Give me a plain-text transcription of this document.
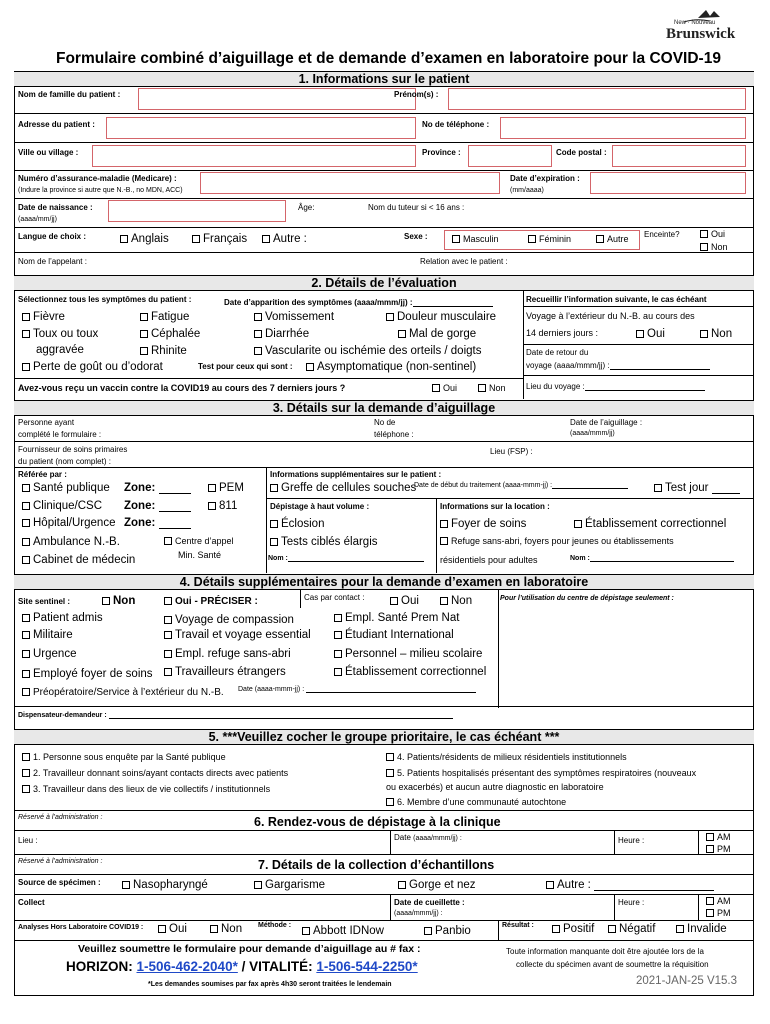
New · Nouveau
Brunswick
Formulaire combiné d’aiguillage et de demande d’examen en laboratoire pour la COVID-19
1. Informations sur le patient
Nom de famille du patient :	Prénom(s) :
Adresse du patient :	No de téléphone :
Ville ou village :	Province :	Code postal :
Numéro d’assurance-maladie (Medicare) :
(Indure la province si autre que N.-B., no MDN, ACC)
Date d’expiration :
(mm/aaaa)
Date de naissance :
(aaaa/mm/jj)
Âge:	Nom du tuteur si < 16 ans :
Langue de choix :	Anglais	Français	Autre :	Sexe :	Masculin	Féminin	Autre Enceinte?	Oui
Non
Nom de l’appelant :	Relation avec le patient :
2. Détails de l’évaluation
Sélectionnez tous les symptômes du patient :	Date d’apparition des symptômes (aaaa/mmm/jj) :	Recueillir l’information suivante, le cas échéant
Fièvre	Fatigue	Vomissement	Douleur musculaire
Toux ou toux
aggravée
Céphalée	Diarrhée	Mal de gorge
Rhinite	Vascularite ou ischémie des orteils / doigts
Perte de goût ou d’odorat	Test pour ceux qui sont :	Asymptomatique (non-sentinel)
Voyage à l’extérieur du N.-B. au cours des
14 derniers jours :	Oui	Non
Date de retour du
voyage (aaaa/mmm/jj) :
Avez-vous reçu un vaccin contre la COVID19 au cours des 7 derniers jours ?	Oui	Non	Lieu du voyage :
3. Détails sur la demande d’aiguillage
Personne ayant
complété le formulaire :
No de
téléphone :
Date de l’aiguillage :
(aaaa/mmm/jj)
Fournisseur de soins primaires
du patient (nom complet) :
Lieu (FSP) :
Référée par :
Santé publique Zone:	PEM
Clinique/CSC Zone:	811
Hôpital/Urgence Zone:
Ambulance N.-B.	Centre d’appel
Min. Santé
Cabinet de médecin
Informations supplémentaires sur le patient :
Greffe de cellules souches
Date de début du traitement (aaaa-mmm-jj) :	Test jour
Dépistage à haut volume :	Informations sur la location :
Éclosion	Foyer de soins	Établissement correctionnel
Tests ciblés élargis	Refuge sans-abri, foyers pour jeunes ou établissements
résidentiels pour adultes
Nom :	Nom :
4. Détails supplémentaires pour la demande d’examen en laboratoire
Site sentinel :	Non	Oui - PRÉCISER :	Cas par contact :	Oui	Non	Pour l’utilisation du centre de dépistage seulement :
Patient admis	Voyage de compassion	Empl. Santé Prem Nat
Militaire	Travail et voyage essential	Étudiant International
Urgence	Empl. refuge sans-abri	Personnel – milieu scolaire
Employé foyer de soins	Travailleurs étrangers	Établissement correctionnel
Préopératoire/Service à l’extérieur du N.-B. Date (aaaa-mmm-jj) :
Dispensateur-demandeur :
5. ***Veuillez cocher le groupe prioritaire, le cas échéant ***
1. Personne sous enquête par la Santé publique
2. Travailleur donnant soins/ayant contacts directs avec patients
3. Travailleur dans des lieux de vie collectifs / institutionnels
4. Patients/résidents de milieux résidentiels institutionnels
5. Patients hospitalisés présentant des symptômes respiratoires (nouveaux
ou exacerbés) et aucun autre diagnostic en laboratoire
6. Membre d’une communauté autochtone
Réservé à l’administration :	6. Rendez-vous de dépistage à la clinique
Lieu :	Date (aaaa/mmm/jj) :	Heure :	AM
PM
Réservé à l’administration :	7. Détails de la collection d’échantillons
Source de spécimen :	Nasopharyngé	Gargarisme	Gorge et nez	Autre :
Collect	Date de cueillette :
(aaaa/mmm/jj) :
Heure :	AM
PM
Analyses Hors Laboratoire COVID19 :	Oui	Non Méthode :	Abbott IDNow	Panbio	Résultat :	Positif	Négatif	Invalide
Veuillez soumettre le formulaire pour demande d’aiguillage au # fax :
HORIZON: 1-506-462-2040* / VITALITÉ: 1-506-544-2250*
*Les demandes soumises par fax après 4h30 seront traitées le lendemain
Toute information manquante doit être ajoutée lors de la
collecte du spécimen avant de soumettre la réquisition
2021-JAN-25 V15.3
